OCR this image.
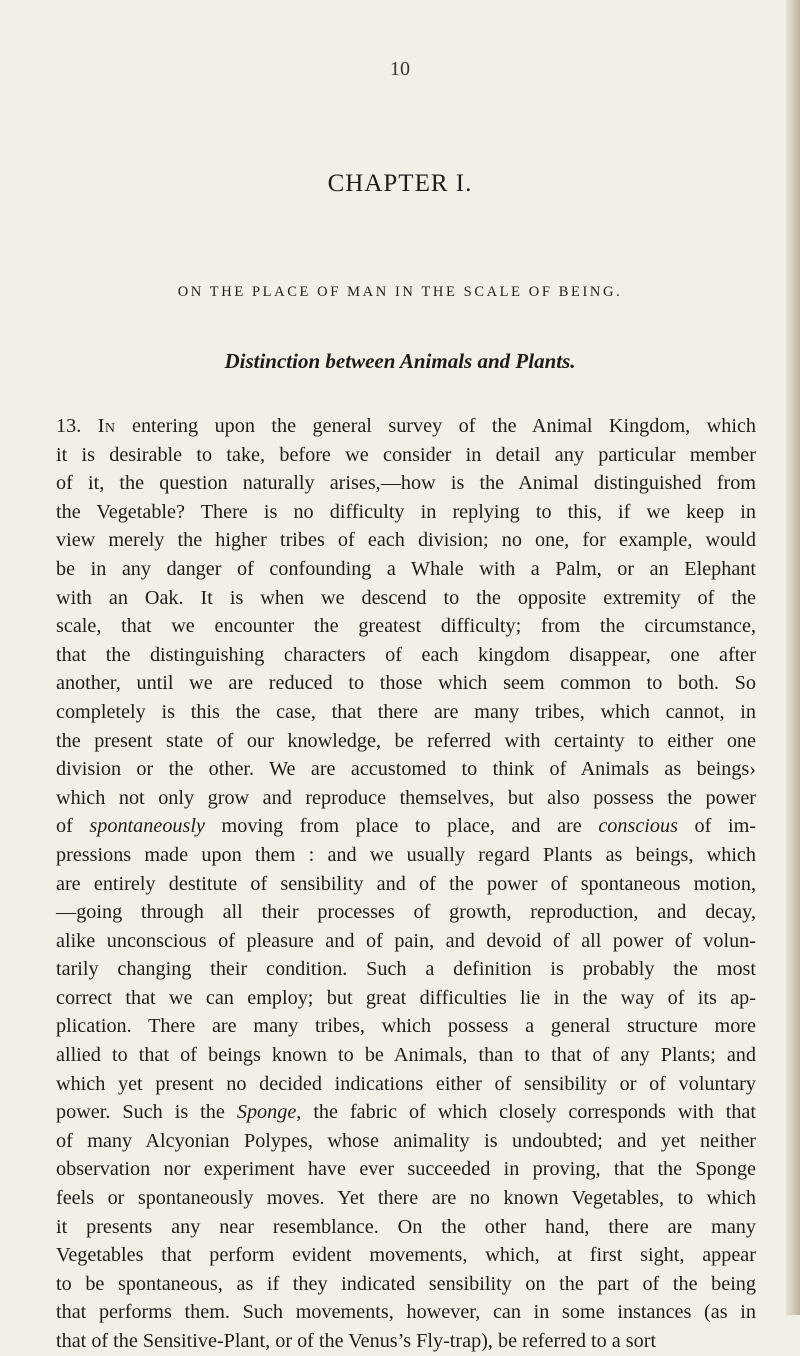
10
CHAPTER I.
ON THE PLACE OF MAN IN THE SCALE OF BEING.
Distinction between Animals and Plants.
13. In entering upon the general survey of the Animal Kingdom, which
it is desirable to take, before we consider in detail any particular member
of it, the question naturally arises,—how is the Animal distinguished from
the Vegetable? There is no difficulty in replying to this, if we keep in
view merely the higher tribes of each division; no one, for example, would
be in any danger of confounding a Whale with a Palm, or an Elephant
with an Oak. It is when we descend to the opposite extremity of the
scale, that we encounter the greatest difficulty; from the circumstance,
that the distinguishing characters of each kingdom disappear, one after
another, until we are reduced to those which seem common to both. So
completely is this the case, that there are many tribes, which cannot, in
the present state of our knowledge, be referred with certainty to either one
division or the other. We are accustomed to think of Animals as beings›
which not only grow and reproduce themselves, but also possess the power
of spontaneously moving from place to place, and are conscious of im-
pressions made upon them : and we usually regard Plants as beings, which
are entirely destitute of sensibility and of the power of spontaneous motion,
—going through all their processes of growth, reproduction, and decay,
alike unconscious of pleasure and of pain, and devoid of all power of volun-
tarily changing their condition. Such a definition is probably the most
correct that we can employ; but great difficulties lie in the way of its ap-
plication. There are many tribes, which possess a general structure more
allied to that of beings known to be Animals, than to that of any Plants; and
which yet present no decided indications either of sensibility or of voluntary
power. Such is the Sponge, the fabric of which closely corresponds with that
of many Alcyonian Polypes, whose animality is undoubted; and yet neither
observation nor experiment have ever succeeded in proving, that the Sponge
feels or spontaneously moves. Yet there are no known Vegetables, to which
it presents any near resemblance. On the other hand, there are many
Vegetables that perform evident movements, which, at first sight, appear
to be spontaneous, as if they indicated sensibility on the part of the being
that performs them. Such movements, however, can in some instances (as in
that of the Sensitive-Plant, or of the Venus’s Fly-trap), be referred to a sort
